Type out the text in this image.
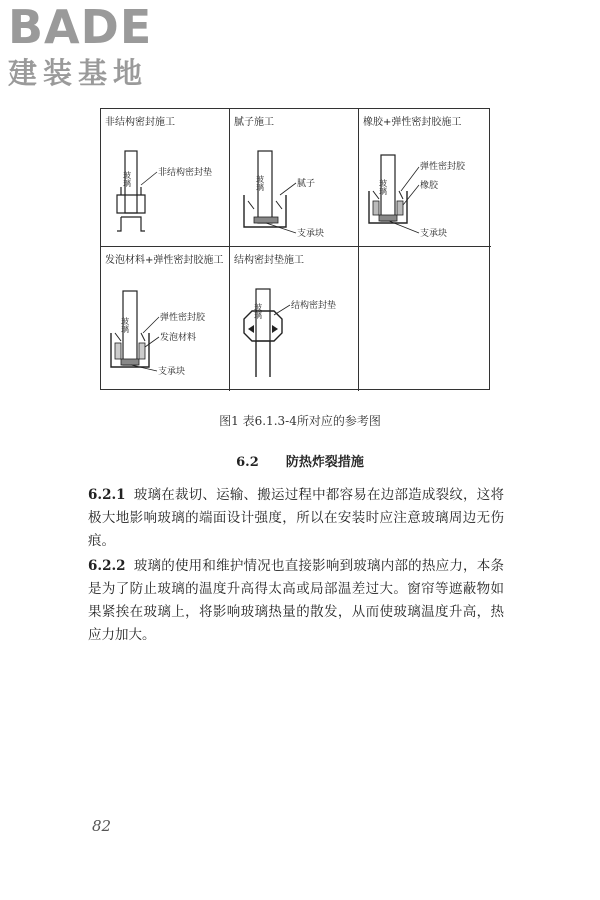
BADE
建装基地
非结构密封施工
非结构密封垫
玻璃
腻子施工
玻璃	腻子
支承块
橡胶+弹性密封胶施工
弹性密封胶
玻璃	橡胶
支承块
发泡材料+弹性密封胶施工
弹性密封胶
玻璃
发泡材料
支承块
结构密封垫施工
玻璃	结构密封垫
图1 表6.1.3-4所对应的参考图
6.2 防热炸裂措施
6.2.1 玻璃在裁切、运输、搬运过程中都容易在边部造成裂纹，这将极大地影响玻璃的端面设计强度，所以在安装时应注意玻璃周边无伤痕。
6.2.2 玻璃的使用和维护情况也直接影响到玻璃内部的热应力，本条是为了防止玻璃的温度升高得太高或局部温差过大。窗帘等遮蔽物如果紧挨在玻璃上，将影响玻璃热量的散发，从而使玻璃温度升高，热应力加大。
82
